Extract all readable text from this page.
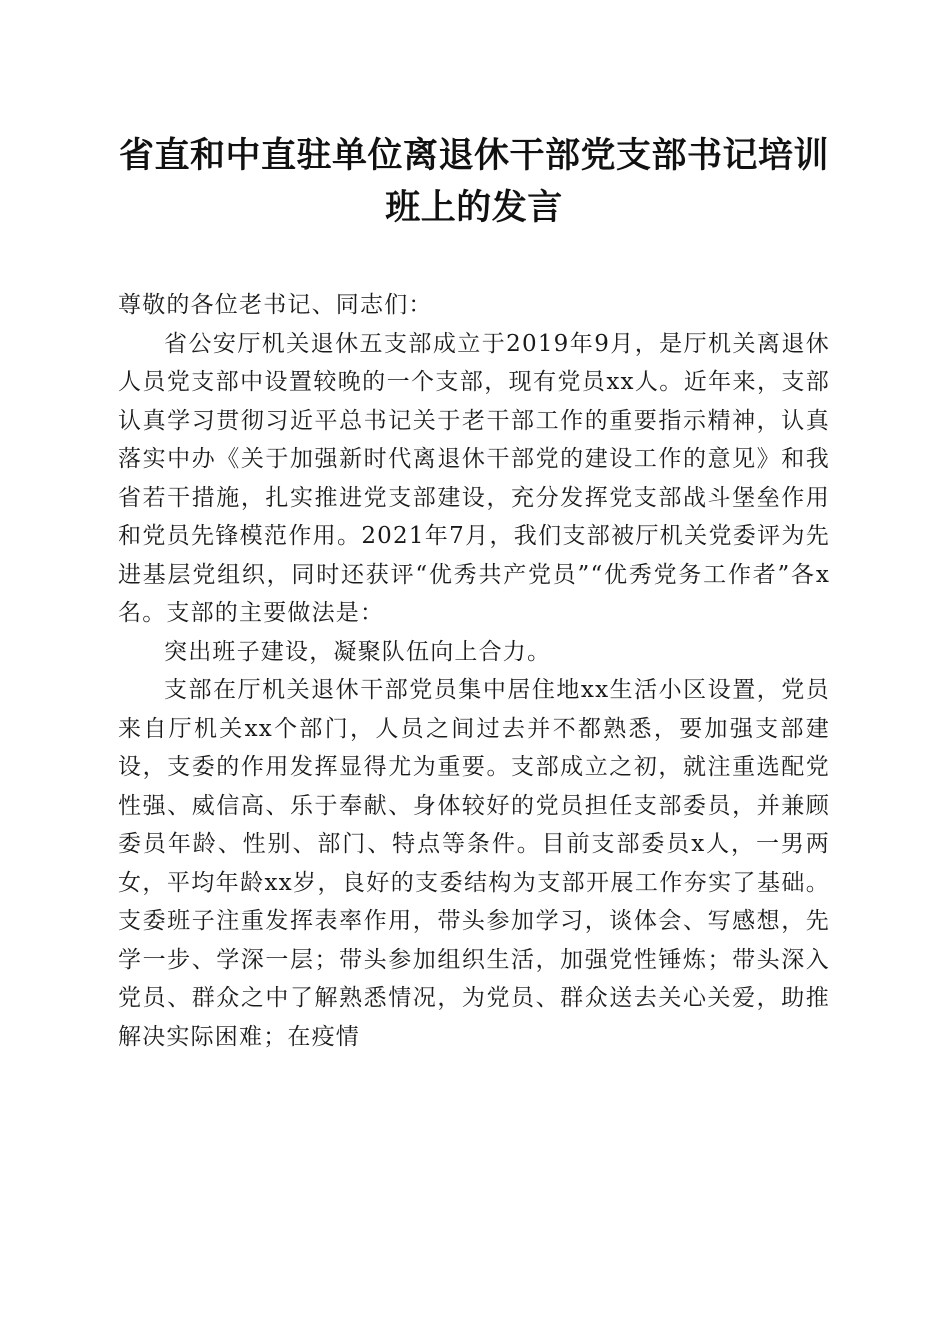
省直和中直驻单位离退休干部党支部书记培训
班上的发言

尊敬的各位老书记、同志们：

省公安厅机关退休五支部成立于2019年9月，是厅机关离退休人员党支部中设置较晚的一个支部，现有党员xx人。近年来，支部认真学习贯彻习近平总书记关于老干部工作的重要指示精神，认真落实中办《关于加强新时代离退休干部党的建设工作的意见》和我省若干措施，扎实推进党支部建设，充分发挥党支部战斗堡垒作用和党员先锋模范作用。2021年7月，我们支部被厅机关党委评为先进基层党组织，同时还获评“优秀共产党员”“优秀党务工作者”各x名。支部的主要做法是：

突出班子建设，凝聚队伍向上合力。

支部在厅机关退休干部党员集中居住地xx生活小区设置，党员来自厅机关xx个部门，人员之间过去并不都熟悉，要加强支部建设，支委的作用发挥显得尤为重要。支部成立之初，就注重选配党性强、威信高、乐于奉献、身体较好的党员担任支部委员，并兼顾委员年龄、性别、部门、特点等条件。目前支部委员x人，一男两女，平均年龄xx岁，良好的支委结构为支部开展工作夯实了基础。支委班子注重发挥表率作用，带头参加学习，谈体会、写感想，先学一步、学深一层；带头参加组织生活，加强党性锤炼；带头深入党员、群众之中了解熟悉情况，为党员、群众送去关心关爱，助推解决实际困难；在疫情
